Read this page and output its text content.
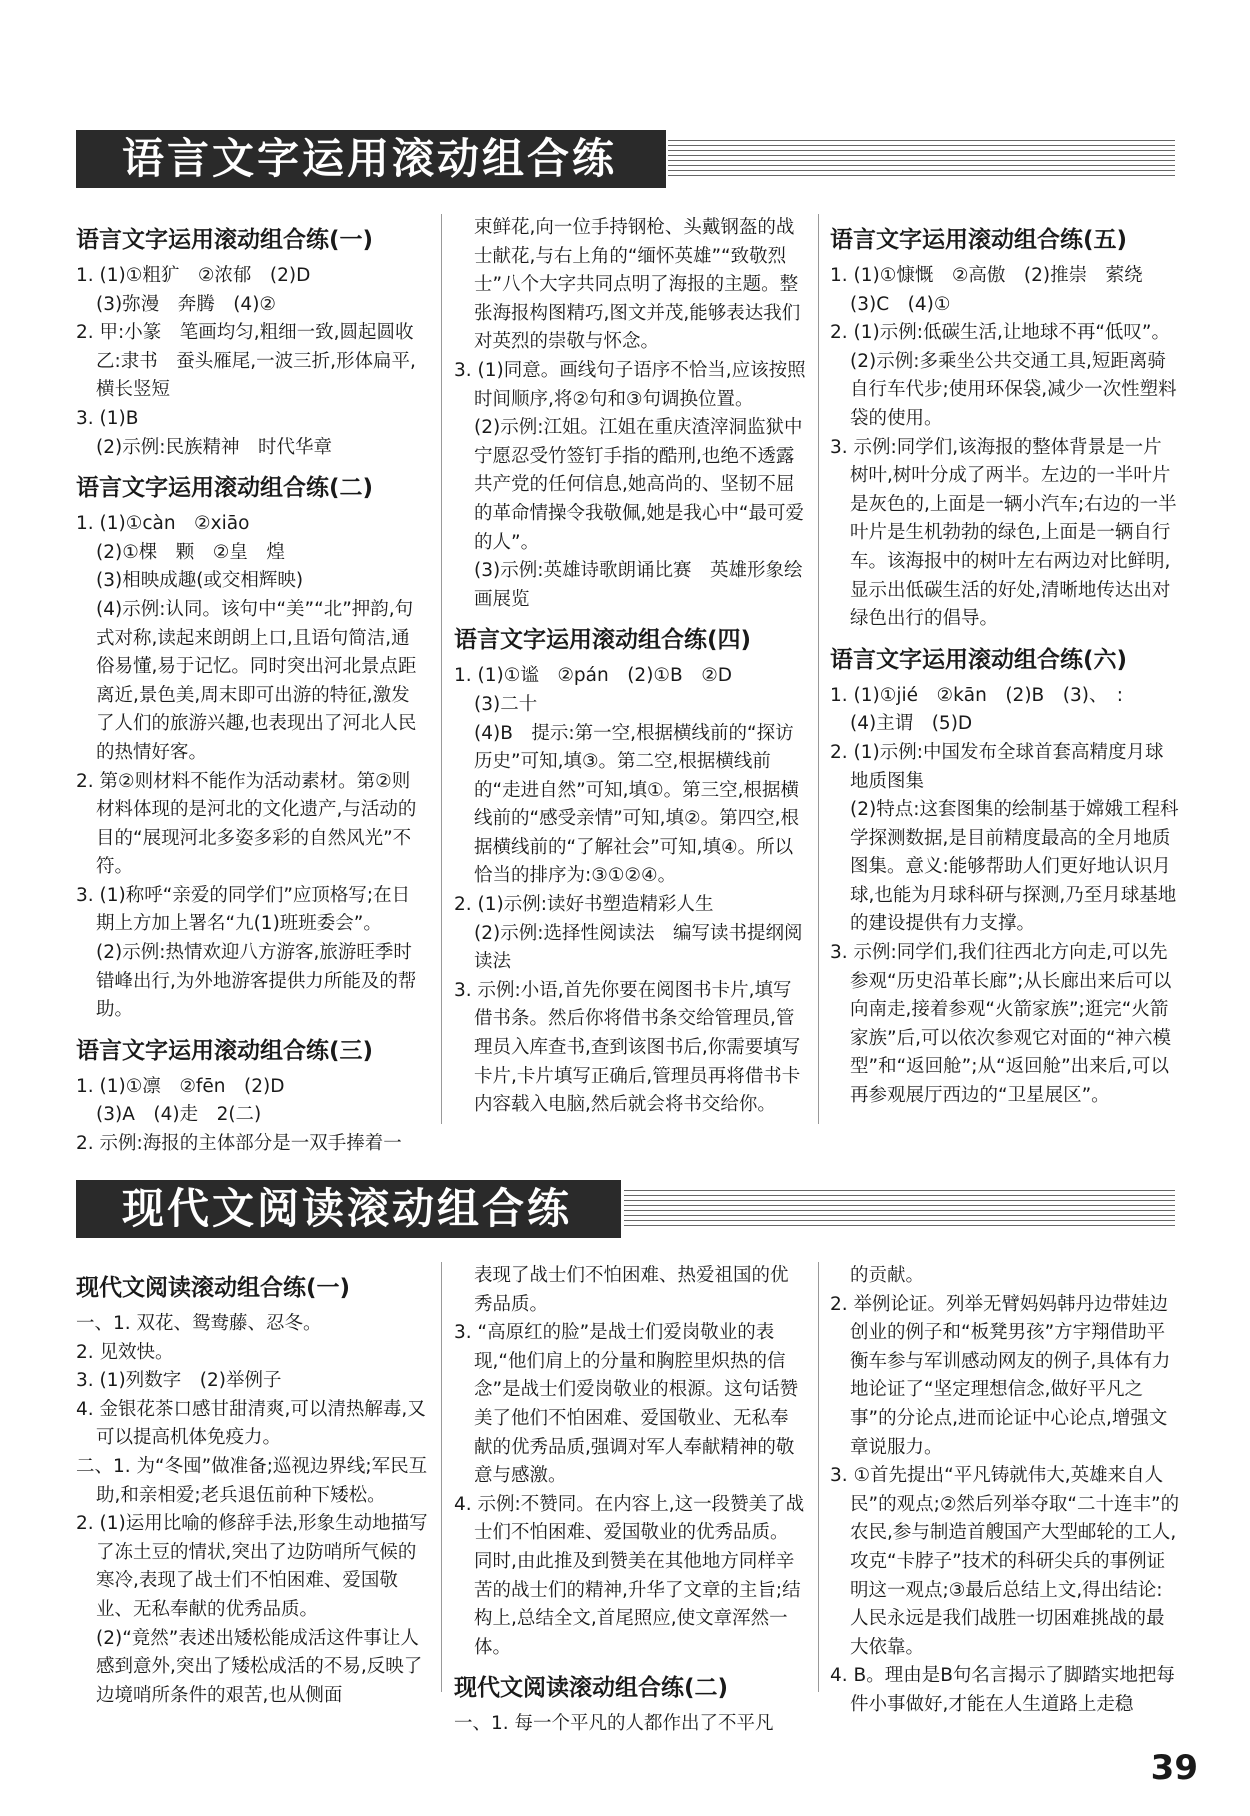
语言文字运用滚动组合练

语言文字运用滚动组合练(一)

1. (1)①粗犷　②浓郁　(2)D

(3)弥漫　奔腾　(4)②

2. 甲:小篆　笔画均匀,粗细一致,圆起圆收　乙:隶书　蚕头雁尾,一波三折,形体扁平,横长竖短

3. (1)B

(2)示例:民族精神　时代华章

语言文字运用滚动组合练(二)

1. (1)①càn　②xiāo

(2)①棵　颗　②皇　煌

(3)相映成趣(或交相辉映)

(4)示例:认同。该句中“美”“北”押韵,句式对称,读起来朗朗上口,且语句简洁,通俗易懂,易于记忆。同时突出河北景点距离近,景色美,周末即可出游的特征,激发了人们的旅游兴趣,也表现出了河北人民的热情好客。

2. 第②则材料不能作为活动素材。第②则材料体现的是河北的文化遗产,与活动的目的“展现河北多姿多彩的自然风光”不符。

3. (1)称呼“亲爱的同学们”应顶格写;在日期上方加上署名“九(1)班班委会”。

(2)示例:热情欢迎八方游客,旅游旺季时错峰出行,为外地游客提供力所能及的帮助。

语言文字运用滚动组合练(三)

1. (1)①凛　②fēn　(2)D

(3)A　(4)走　2(二)

2. 示例:海报的主体部分是一双手捧着一

束鲜花,向一位手持钢枪、头戴钢盔的战士献花,与右上角的“缅怀英雄”“致敬烈士”八个大字共同点明了海报的主题。整张海报构图精巧,图文并茂,能够表达我们对英烈的崇敬与怀念。

3. (1)同意。画线句子语序不恰当,应该按照时间顺序,将②句和③句调换位置。

(2)示例:江姐。江姐在重庆渣滓洞监狱中宁愿忍受竹签钉手指的酷刑,也绝不透露共产党的任何信息,她高尚的、坚韧不屈的革命情操令我敬佩,她是我心中“最可爱的人”。

(3)示例:英雄诗歌朗诵比赛　英雄形象绘画展览

语言文字运用滚动组合练(四)

1. (1)①谧　②pán　(2)①B　②D

(3)二十

(4)B　提示:第一空,根据横线前的“探访历史”可知,填③。第二空,根据横线前的“走进自然”可知,填①。第三空,根据横线前的“感受亲情”可知,填②。第四空,根据横线前的“了解社会”可知,填④。所以恰当的排序为:③①②④。

2. (1)示例:读好书塑造精彩人生

(2)示例:选择性阅读法　编写读书提纲阅读法

3. 示例:小语,首先你要在阅图书卡片,填写借书条。然后你将借书条交给管理员,管理员入库查书,查到该图书后,你需要填写卡片,卡片填写正确后,管理员再将借书卡内容载入电脑,然后就会将书交给你。

语言文字运用滚动组合练(五)

1. (1)①慷慨　②高傲　(2)推崇　萦绕

(3)C　(4)①

2. (1)示例:低碳生活,让地球不再“低叹”。

(2)示例:多乘坐公共交通工具,短距离骑自行车代步;使用环保袋,减少一次性塑料袋的使用。

3. 示例:同学们,该海报的整体背景是一片树叶,树叶分成了两半。左边的一半叶片是灰色的,上面是一辆小汽车;右边的一半叶片是生机勃勃的绿色,上面是一辆自行车。该海报中的树叶左右两边对比鲜明,显示出低碳生活的好处,清晰地传达出对绿色出行的倡导。

语言文字运用滚动组合练(六)

1. (1)①jié　②kān　(2)B　(3)、　:

(4)主谓　(5)D

2. (1)示例:中国发布全球首套高精度月球地质图集

(2)特点:这套图集的绘制基于嫦娥工程科学探测数据,是目前精度最高的全月地质图集。意义:能够帮助人们更好地认识月球,也能为月球科研与探测,乃至月球基地的建设提供有力支撑。

3. 示例:同学们,我们往西北方向走,可以先参观“历史沿革长廊”;从长廊出来后可以向南走,接着参观“火箭家族”;逛完“火箭家族”后,可以依次参观它对面的“神六模型”和“返回舱”;从“返回舱”出来后,可以再参观展厅西边的“卫星展区”。

现代文阅读滚动组合练

现代文阅读滚动组合练(一)

一、1. 双花、鸳鸯藤、忍冬。

2. 见效快。

3. (1)列数字　(2)举例子

4. 金银花茶口感甘甜清爽,可以清热解毒,又可以提高机体免疫力。

二、1. 为“冬囤”做准备;巡视边界线;军民互助,和亲相爱;老兵退伍前种下矮松。

2. (1)运用比喻的修辞手法,形象生动地描写了冻土豆的情状,突出了边防哨所气候的寒冷,表现了战士们不怕困难、爱国敬业、无私奉献的优秀品质。

(2)“竟然”表述出矮松能成活这件事让人感到意外,突出了矮松成活的不易,反映了边境哨所条件的艰苦,也从侧面

表现了战士们不怕困难、热爱祖国的优秀品质。

3. “高原红的脸”是战士们爱岗敬业的表现,“他们肩上的分量和胸腔里炽热的信念”是战士们爱岗敬业的根源。这句话赞美了他们不怕困难、爱国敬业、无私奉献的优秀品质,强调对军人奉献精神的敬意与感激。

4. 示例:不赞同。在内容上,这一段赞美了战士们不怕困难、爱国敬业的优秀品质。同时,由此推及到赞美在其他地方同样辛苦的战士们的精神,升华了文章的主旨;结构上,总结全文,首尾照应,使文章浑然一体。

现代文阅读滚动组合练(二)

一、1. 每一个平凡的人都作出了不平凡

的贡献。

2. 举例论证。列举无臂妈妈韩丹边带娃边创业的例子和“板凳男孩”方宇翔借助平衡车参与军训感动网友的例子,具体有力地论证了“坚定理想信念,做好平凡之事”的分论点,进而论证中心论点,增强文章说服力。

3. ①首先提出“平凡铸就伟大,英雄来自人民”的观点;②然后列举夺取“二十连丰”的农民,参与制造首艘国产大型邮轮的工人,攻克“卡脖子”技术的科研尖兵的事例证明这一观点;③最后总结上文,得出结论:人民永远是我们战胜一切困难挑战的最大依靠。

4. B。理由是B句名言揭示了脚踏实地把每件小事做好,才能在人生道路上走稳

39
